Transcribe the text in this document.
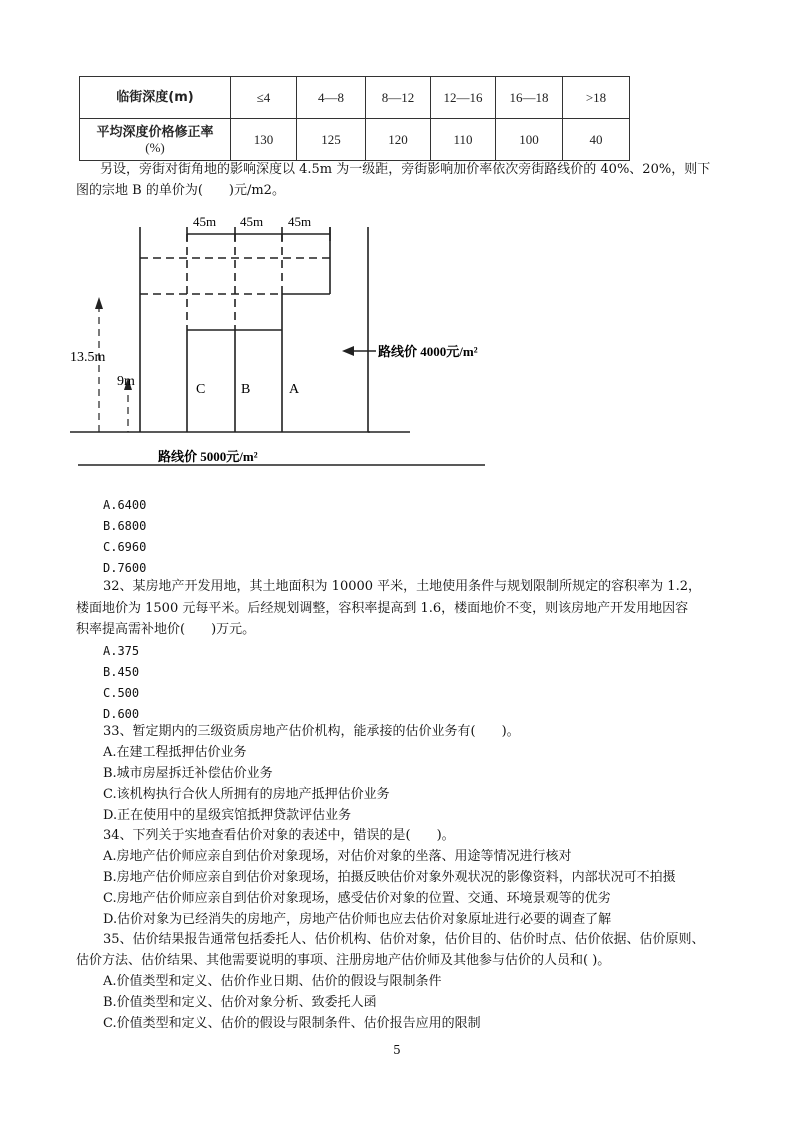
临街深度(m)	≤4	4—8	8—12	12—16	16—18	>18

平均深度价格修正率
(%)	130	125	120	110	100	40
另设，旁街对街角地的影响深度以 4.5m 为一级距，旁街影响加价率依次旁街路线价的 40%、20%，则下
图的宗地 B 的单价为(　　)元/m2。
45m 45m 45m
13.5m
9m
C	B	A
路线价 4000元/m²
路线价 5000元/m²
A.6400
B.6800
C.6960
D.7600
32、某房地产开发用地，其土地面积为 10000 平米，土地使用条件与规划限制所规定的容积率为 1.2，
楼面地价为 1500 元每平米。后经规划调整，容积率提高到 1.6，楼面地价不变，则该房地产开发用地因容
积率提高需补地价(　　)万元。
A.375
B.450
C.500
D.600
33、暂定期内的三级资质房地产估价机构，能承接的估价业务有(　　)。
A.在建工程抵押估价业务
B.城市房屋拆迁补偿估价业务
C.该机构执行合伙人所拥有的房地产抵押估价业务
D.正在使用中的星级宾馆抵押贷款评估业务
34、下列关于实地查看估价对象的表述中，错误的是(　　)。
A.房地产估价师应亲自到估价对象现场，对估价对象的坐落、用途等情况进行核对
B.房地产估价师应亲自到估价对象现场，拍摄反映估价对象外观状况的影像资料，内部状况可不拍摄
C.房地产估价师应亲自到估价对象现场，感受估价对象的位置、交通、环境景观等的优劣
D.估价对象为已经消失的房地产，房地产估价师也应去估价对象原址进行必要的调查了解
35、估价结果报告通常包括委托人、估价机构、估价对象，估价目的、估价时点、估价依据、估价原则、
估价方法、估价结果、其他需要说明的事项、注册房地产估价师及其他参与估价的人员和( )。
A.价值类型和定义、估价作业日期、估价的假设与限制条件
B.价值类型和定义、估价对象分析、致委托人函
C.价值类型和定义、估价的假设与限制条件、估价报告应用的限制
5
